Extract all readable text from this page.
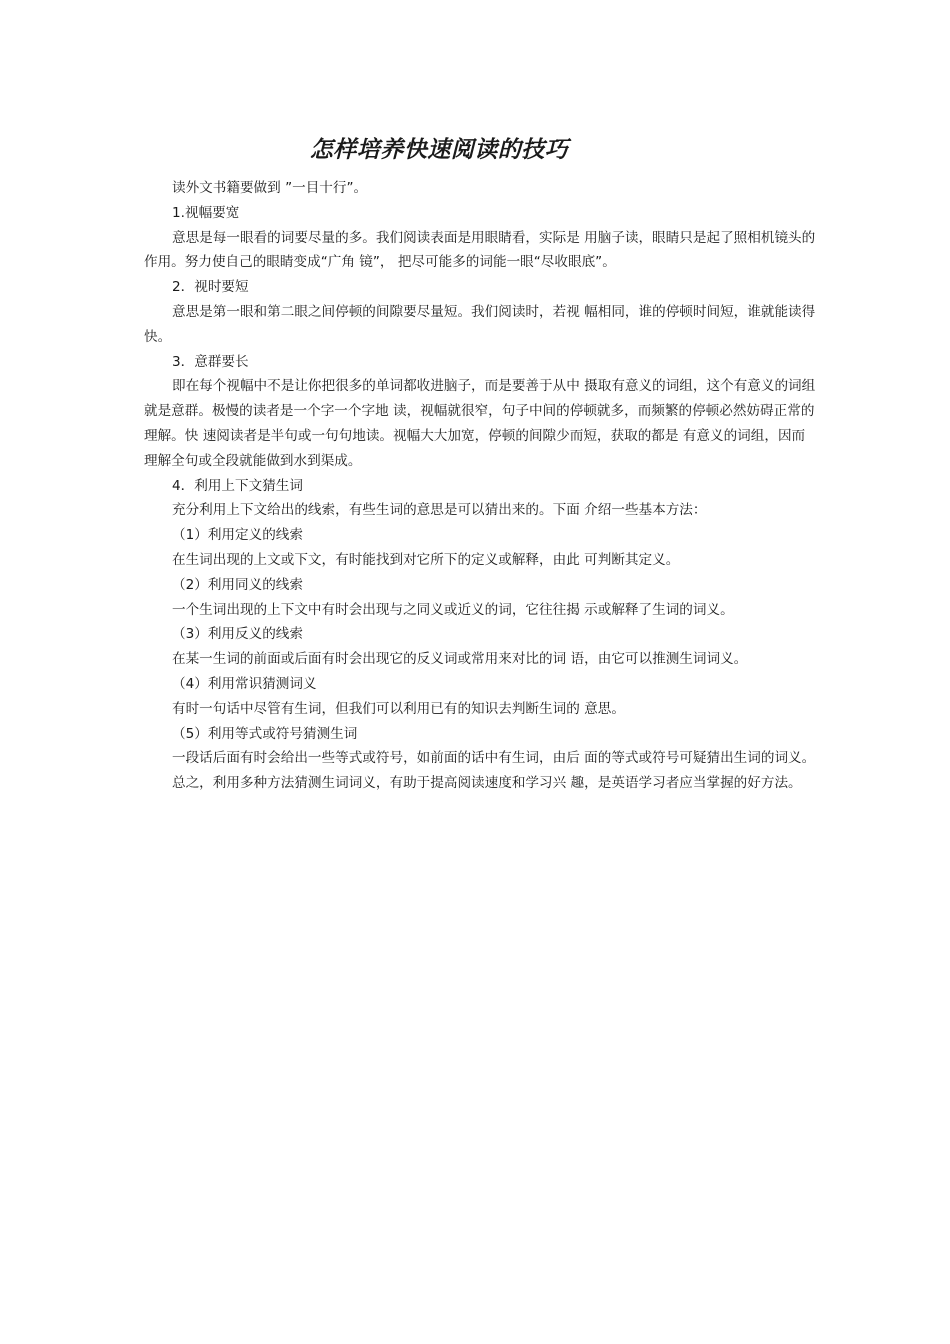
怎样培养快速阅读的技巧

读外文书籍要做到 ”一目十行”。

1.视幅要宽

意思是每一眼看的词要尽量的多。我们阅读表面是用眼睛看，实际是 用脑子读，眼睛只是起了照相机镜头的作用。努力使自己的眼睛变成“广角 镜”， 把尽可能多的词能一眼“尽收眼底”。

2．视时要短

意思是第一眼和第二眼之间停顿的间隙要尽量短。我们阅读时，若视 幅相同，谁的停顿时间短，谁就能读得快。

3．意群要长

即在每个视幅中不是让你把很多的单词都收进脑子，而是要善于从中 摄取有意义的词组，这个有意义的词组就是意群。极慢的读者是一个字一个字地 读，视幅就很窄，句子中间的停顿就多，而频繁的停顿必然妨碍正常的理解。快 速阅读者是半句或一句句地读。视幅大大加宽，停顿的间隙少而短，获取的都是 有意义的词组，因而理解全句或全段就能做到水到渠成。

4．利用上下文猜生词

充分利用上下文给出的线索，有些生词的意思是可以猜出来的。下面 介绍一些基本方法：

（1）利用定义的线索

在生词出现的上文或下文，有时能找到对它所下的定义或解释，由此 可判断其定义。

（2）利用同义的线索

一个生词出现的上下文中有时会出现与之同义或近义的词，它往往揭 示或解释了生词的词义。

（3）利用反义的线索

在某一生词的前面或后面有时会出现它的反义词或常用来对比的词 语，由它可以推测生词词义。

（4）利用常识猜测词义

有时一句话中尽管有生词，但我们可以利用已有的知识去判断生词的 意思。

（5）利用等式或符号猜测生词

一段话后面有时会给出一些等式或符号，如前面的话中有生词，由后 面的等式或符号可疑猜出生词的词义。

总之，利用多种方法猜测生词词义，有助于提高阅读速度和学习兴 趣，是英语学习者应当掌握的好方法。
